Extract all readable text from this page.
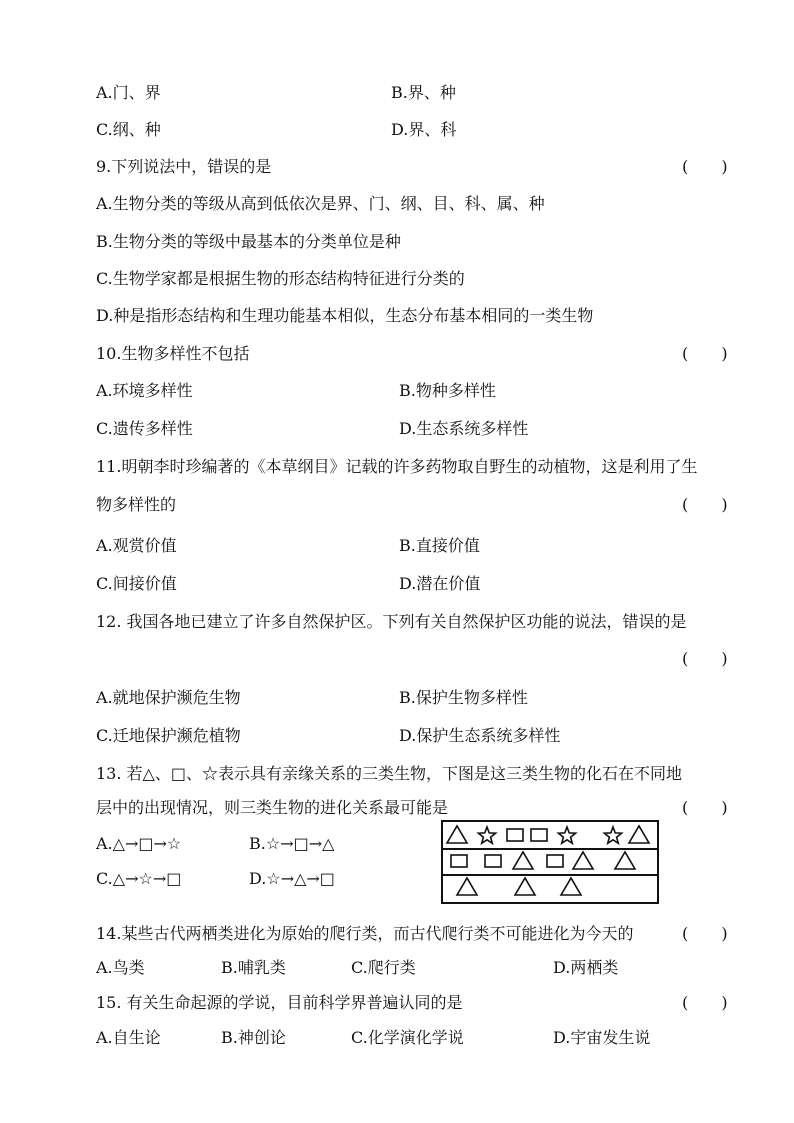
A.门、界	B.界、种
C.纲、种	D.界、科
9.下列说法中，错误的是	( )
A.生物分类的等级从高到低依次是界、门、纲、目、科、属、种
B.生物分类的等级中最基本的分类单位是种
C.生物学家都是根据生物的形态结构特征进行分类的
D.种是指形态结构和生理功能基本相似，生态分布基本相同的一类生物
10.生物多样性不包括	( )
A.环境多样性	B.物种多样性
C.遗传多样性	D.生态系统多样性
11.明朝李时珍编著的《本草纲目》记载的许多药物取自野生的动植物，这是利用了生
物多样性的	( )
A.观赏价值	B.直接价值
C.间接价值	D.潜在价值
12. 我国各地已建立了许多自然保护区。下列有关自然保护区功能的说法，错误的是
( )
A.就地保护濒危生物	B.保护生物多样性
C.迁地保护濒危植物	D.保护生态系统多样性
13. 若△、□、☆表示具有亲缘关系的三类生物，下图是这三类生物的化石在不同地
层中的出现情况，则三类生物的进化关系最可能是	( )
A.△→□→☆	B.☆→□→△
C.△→☆→□	D.☆→△→□
14.某些古代两栖类进化为原始的爬行类，而古代爬行类不可能进化为今天的	( )
A.鸟类	B.哺乳类	C.爬行类	D.两栖类
15. 有关生命起源的学说，目前科学界普遍认同的是	( )
A.自生论	B.神创论	C.化学演化学说	D.宇宙发生说
